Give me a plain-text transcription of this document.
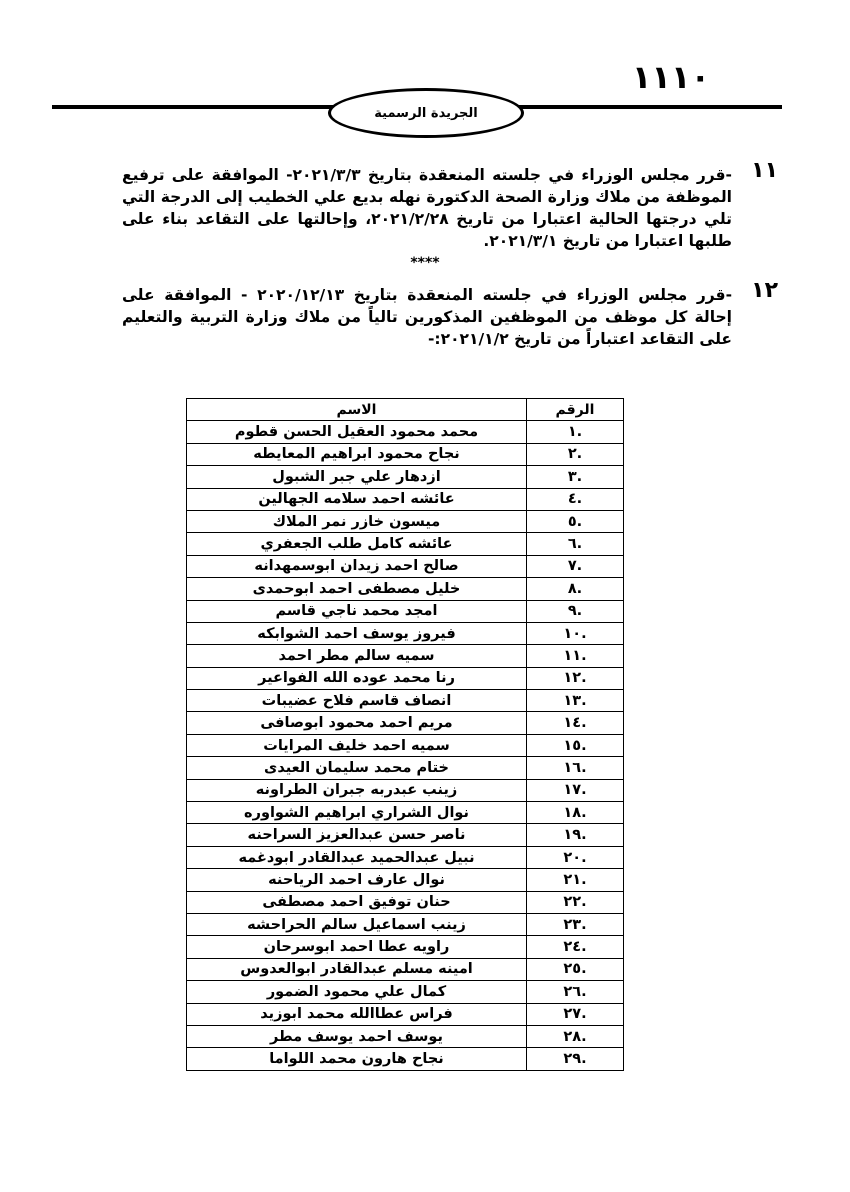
١١١٠
الجريدة الرسمية
١١
-قرر مجلس الوزراء في جلسته المنعقدة بتاريخ ٢٠٢١/٣/٣- الموافقة على ترفيع الموظفة من ملاك وزارة الصحة الدكتورة نهله بديع علي الخطيب إلى الدرجة التي تلي درجتها الحالية اعتبارا من تاريخ ٢٠٢١/٢/٢٨، وإحالتها على التقاعد بناء على طلبها اعتبارا من تاريخ ٢٠٢١/٣/١.
****
١٢
-قرر مجلس الوزراء في جلسته المنعقدة بتاريخ ٢٠٢٠/١٢/١٣ - الموافقة على إحالة كل موظف من الموظفين المذكورين تالياً من ملاك وزارة التربية والتعليم على التقاعد اعتباراً من تاريخ ٢٠٢١/١/٢:-
الرقم	الاسم
.١	محمد محمود العقيل الحسن قطوم
.٢	نجاح محمود ابراهيم المعايطه
.٣	ازدهار علي جبر الشبول
.٤	عائشه احمد سلامه الجهالين
.٥	ميسون خازر نمر الملاك
.٦	عائشه كامل طلب الجعفري
.٧	صالح احمد زيدان ابوسمهدانه
.٨	خليل مصطفى احمد ابوحمدى
.٩	امجد محمد ناجي قاسم
.١٠	فيروز يوسف احمد الشوابكه
.١١	سميه سالم مطر احمد
.١٢	رنا محمد عوده الله الفواعير
.١٣	انصاف قاسم فلاح عضيبات
.١٤	مريم احمد محمود ابوصافى
.١٥	سميه احمد خليف المرايات
.١٦	ختام محمد سليمان العيدى
.١٧	زينب عبدربه جبران الطراونه
.١٨	نوال الشراري ابراهيم الشواوره
.١٩	ناصر حسن عبدالعزيز السراحنه
.٢٠	نبيل عبدالحميد عبدالقادر ابودغمه
.٢١	نوال عارف احمد الرياحنه
.٢٢	حنان توفيق احمد مصطفى
.٢٣	زينب اسماعيل سالم الحراحشه
.٢٤	راويه عطا احمد ابوسرحان
.٢٥	امينه مسلم عبدالقادر ابوالعدوس
.٢٦	كمال علي محمود الضمور
.٢٧	فراس عطاالله محمد ابوزيد
.٢٨	يوسف احمد يوسف مطر
.٢٩	نجاح هارون محمد اللواما
